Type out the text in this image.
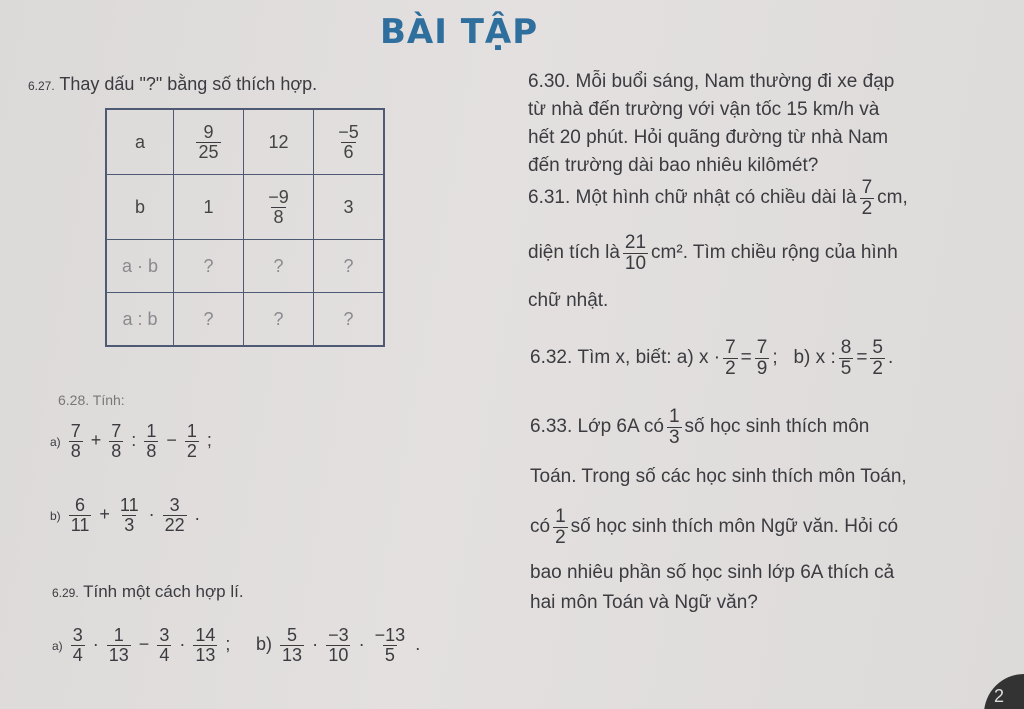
BÀI TẬP
6.27. Thay dấu "?" bằng số thích hợp.
a	$\frac{9}{25}$	12	$\frac{-5}{6}$

b	1	$\frac{-9}{8}$	3
a · b	?	?	?
a : b	?	?	?
6.28. Tính:
$a) \frac{7}{8} + \frac{7}{8}$ : $\frac{1}{8} - \frac{1}{2}$ ;
$b) \frac{6}{11} + \frac{11}{3} \cdot \frac{3}{22}$ .
6.29. Tính một cách hợp lí.
$a) \frac{3}{4} \cdot \frac{1}{13} - \frac{3}{4} \cdot \frac{14}{13}$ ; $b) \frac{5}{13} \cdot \frac{-3}{10} \cdot \frac{-13}{5}$ .
6.30. Mỗi buổi sáng, Nam thường đi xe đạp
từ nhà đến trường với vận tốc 15 km/h và
hết 20 phút. Hỏi quãng đường từ nhà Nam
đến trường dài bao nhiêu kilômét?
6.31.
Một hình chữ nhật có chiều dài là $\frac{7}{2}$ cm,
diện tích là $\frac{21}{10} cm^2$. Tìm chiều rộng của hình
chữ nhật.
6.32.
Tìm x, biết:
a)
$x \cdot \frac{7}{2} = \frac{7}{9}$ ;
b)
x : $\frac{8}{5} = \frac{5}{2}$ .
6.33.
Lớp 6A có $\frac{1}{3}$ số học sinh thích môn
Toán. Trong số các học sinh thích môn Toán,
có $\frac{1}{2}$ số học sinh thích môn Ngữ văn. Hỏi có
bao nhiêu phần số học sinh lớp 6A thích cả
hai môn Toán và Ngữ văn?
2
